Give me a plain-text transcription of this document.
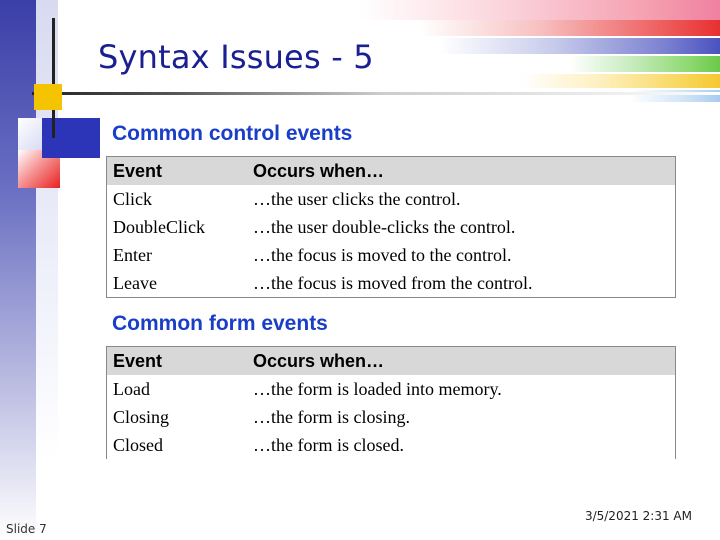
Syntax Issues - 5
Common control events
Event	Occurs when…
Click	…the user clicks the control.
DoubleClick	…the user double-clicks the control.
Enter	…the focus is moved to the control.
Leave	…the focus is moved from the control.
Common form events
Event	Occurs when…
Load	…the form is loaded into memory.
Closing	…the form is closing.
Closed	…the form is closed.
Slide 7
3/5/2021 2:31 AM
